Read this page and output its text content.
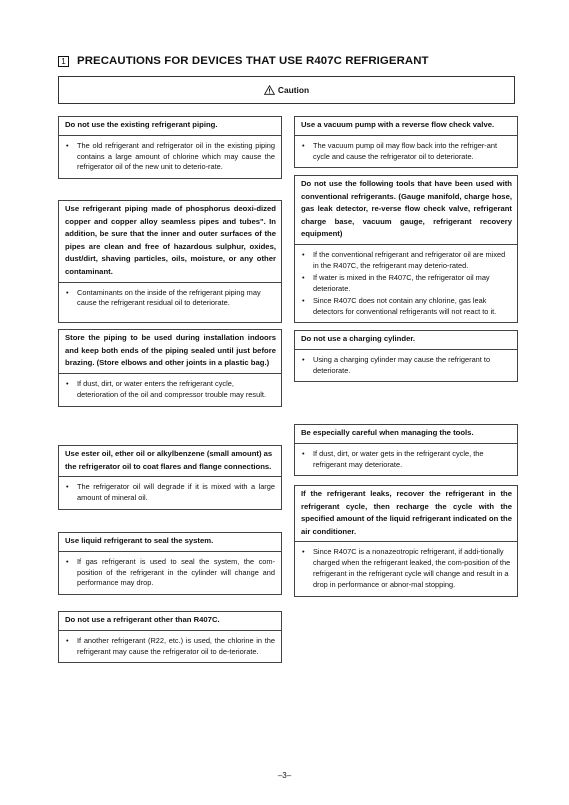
1 PRECAUTIONS FOR DEVICES THAT USE R407C REFRIGERANT
Caution
Do not use the existing refrigerant piping.
• The old refrigerant and refrigerator oil in the existing piping contains a large amount of chlorine which may cause the refrigerator oil of the new unit to deterio-rate.
Use refrigerant piping made of phosphorus deoxi-dized copper and copper alloy seamless pipes and tubes". In addition, be sure that the inner and outer surfaces of the pipes are clean and free of hazardous sulphur, oxides, dust/dirt, shaving particles, oils, moisture, or any other contaminant.
• Contaminants on the inside of the refrigerant piping may cause the refrigerant residual oil to deteriorate.
Store the piping to be used during installation indoors and keep both ends of the piping sealed until just before brazing. (Store elbows and other joints in a plastic bag.)
• If dust, dirt, or water enters the refrigerant cycle, deterioration of the oil and compressor trouble may result.
Use ester oil, ether oil or alkylbenzene (small amount) as the refrigerator oil to coat flares and flange connections.
• The refrigerator oil will degrade if it is mixed with a large amount of mineral oil.
Use liquid refrigerant to seal the system.
• If gas refrigerant is used to seal the system, the com-position of the refrigerant in the cylinder will change and performance may drop.
Do not use a refrigerant other than R407C.
• If another refrigerant (R22, etc.) is used, the chlorine in the refrigerant may cause the refrigerator oil to de-teriorate.
Use a vacuum pump with a reverse flow check valve.
• The vacuum pump oil may flow back into the refriger-ant cycle and cause the refrigerator oil to deteriorate.
Do not use the following tools that have been used with conventional refrigerants. (Gauge manifold, charge hose, gas leak detector, re-verse flow check valve, refrigerant charge base, vacuum gauge, refrigerant recovery equipment)
• If the conventional refrigerant and refrigerator oil are mixed in the R407C, the refrigerant may deterio-rated.
• If water is mixed in the R407C, the refrigerator oil may deteriorate.
• Since R407C does not contain any chlorine, gas leak detectors for conventional refrigerants will not react to it.
Do not use a charging cylinder.
• Using a charging cylinder may cause the refrigerant to deteriorate.
Be especially careful when managing the tools.
• If dust, dirt, or water gets in the refrigerant cycle, the refrigerant may deteriorate.
If the refrigerant leaks, recover the refrigerant in the refrigerant cycle, then recharge the cycle with the specified amount of the liquid refrigerant indicated on the air conditioner.
• Since R407C is a nonazeotropic refrigerant, if addi-tionally charged when the refrigerant leaked, the com-position of the refrigerant in the refrigerant cycle will change and result in a drop in performance or abnor-mal stopping.
–3–
